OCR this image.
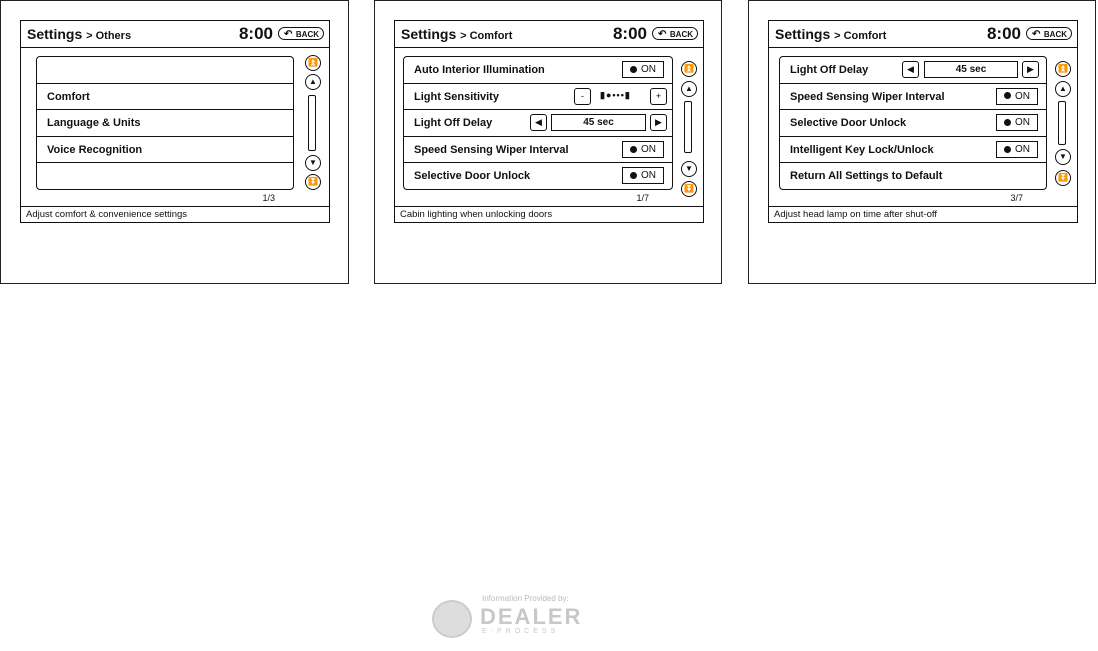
Settings > Others	8:00 ↶ BACK
Comfort
Language & Units
Voice Recognition
⏫
▲
▼
⏬
1/3
Adjust comfort & convenience settings
Settings > Comfort	8:00 ↶ BACK
Auto Interior Illumination	ON
Light Sensitivity	-	▮●•••▮	+
Light Off Delay	◀	45 sec	▶
Speed Sensing Wiper Interval	ON
Selective Door Unlock	ON
⏫
▲
▼
⏬
1/7
Cabin lighting when unlocking doors
Settings > Comfort	8:00 ↶ BACK
Light Off Delay	◀	45 sec	▶
Speed Sensing Wiper Interval	ON
Selective Door Unlock	ON
Intelligent Key Lock/Unlock	ON
Return All Settings to Default
⏫
▲
▼
⏬
3/7
Adjust head lamp on time after shut-off
Information Provided by:
DEALER
E-PROCESS
